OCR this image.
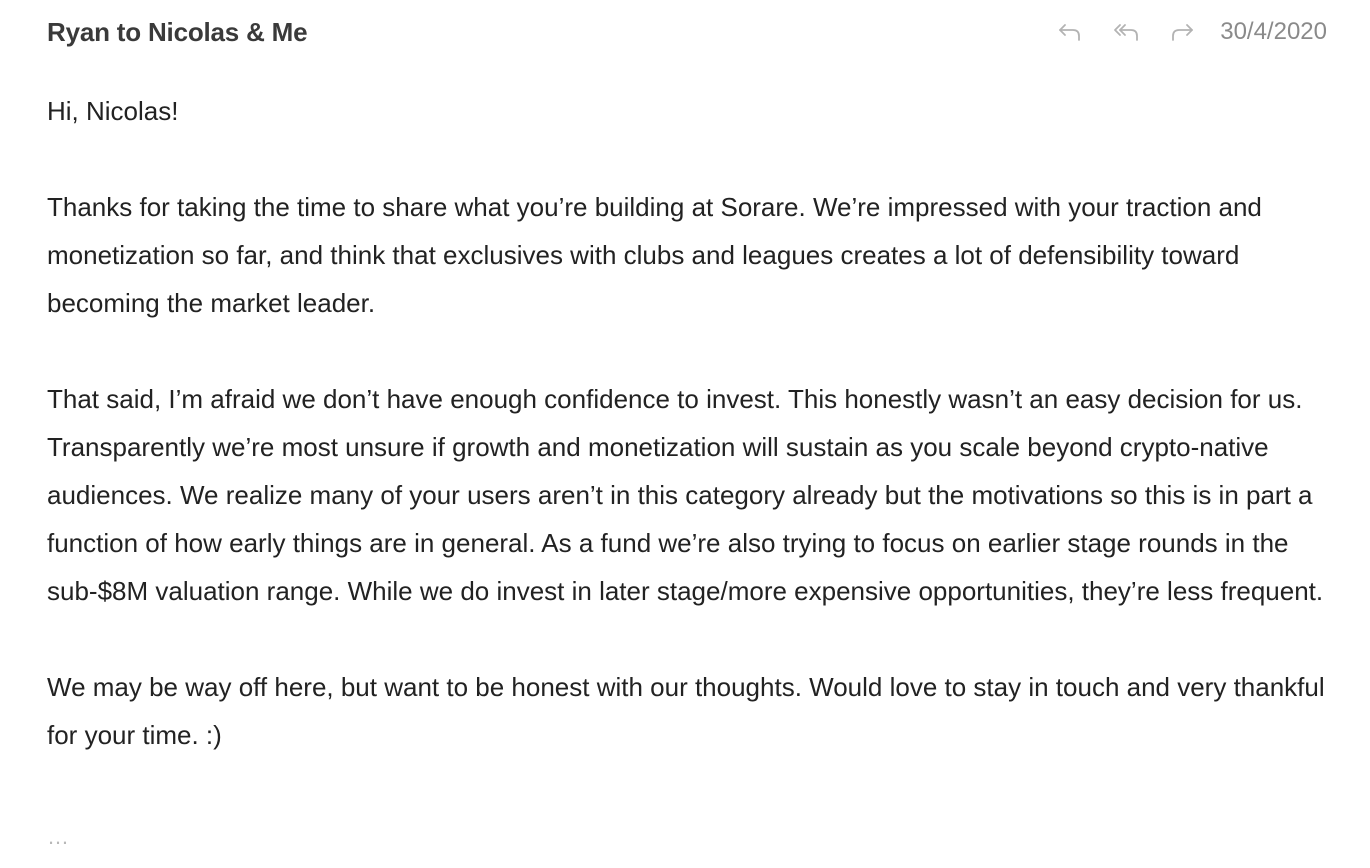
Ryan to Nicolas & Me	30/4/2020

Hi, Nicolas!

Thanks for taking the time to share what you’re building at Sorare. We’re impressed with your traction and monetization so far, and think that exclusives with clubs and leagues creates a lot of defensibility toward becoming the market leader.

That said, I’m afraid we don’t have enough confidence to invest. This honestly wasn’t an easy decision for us. Transparently we’re most unsure if growth and monetization will sustain as you scale beyond crypto-native audiences. We realize many of your users aren’t in this category already but the motivations so this is in part a function of how early things are in general. As a fund we’re also trying to focus on earlier stage rounds in the sub-$8M valuation range. While we do invest in later stage/more expensive opportunities, they’re less frequent.

We may be way off here, but want to be honest with our thoughts. Would love to stay in touch and very thankful for your time. :)

…
